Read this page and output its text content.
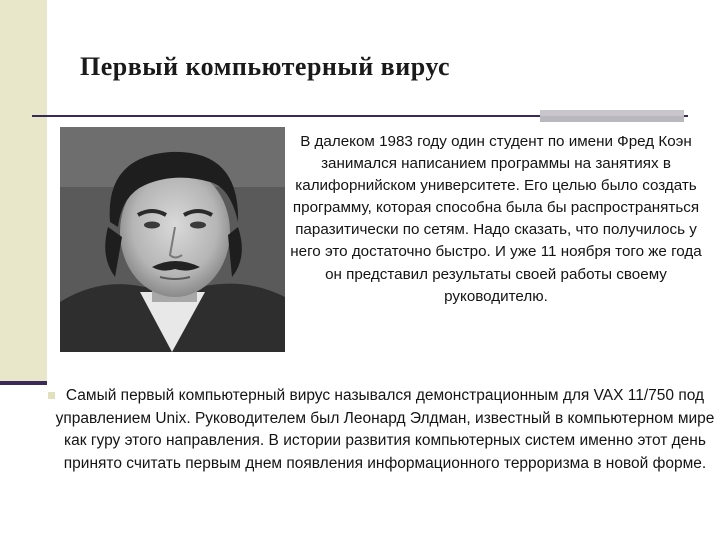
Первый компьютерный вирус
В далеком 1983 году один студент по имени Фред Коэн занимался написанием программы на занятиях в калифорнийском университете. Его целью было создать программу, которая способна была бы распространяться паразитически по сетям. Надо сказать, что получилось у него это достаточно быстро. И уже 11 ноября того же года он представил результаты своей работы своему руководителю.
Самый первый компьютерный вирус назывался демонстрационным для VAX 11/750 под управлением Unix. Руководителем был Леонард Элдман, известный в компьютерном мире как гуру этого направления. В истории развития компьютерных систем именно этот день принято считать первым днем появления информационного терроризма в новой форме.
